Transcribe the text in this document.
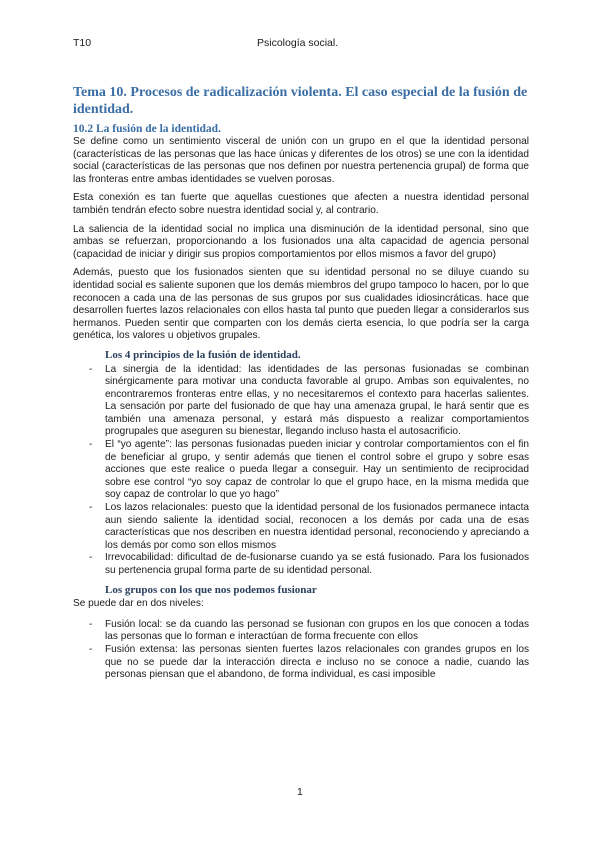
T10	Psicología social.
Tema 10. Procesos de radicalización violenta. El caso especial de la fusión de identidad.
10.2 La fusión de la identidad.

Se define como un sentimiento visceral de unión con un grupo en el que la identidad personal (características de las personas que las hace únicas y diferentes de los otros) se une con la identidad social (características de las personas que nos definen por nuestra pertenencia grupal) de forma que las fronteras entre ambas identidades se vuelven porosas.

Esta conexión es tan fuerte que aquellas cuestiones que afecten a nuestra identidad personal también tendrán efecto sobre nuestra identidad social y, al contrario.

La saliencia de la identidad social no implica una disminución de la identidad personal, sino que ambas se refuerzan, proporcionando a los fusionados una alta capacidad de agencia personal (capacidad de iniciar y dirigir sus propios comportamientos por ellos mismos a favor del grupo)

Además, puesto que los fusionados sienten que su identidad personal no se diluye cuando su identidad social es saliente suponen que los demás miembros del grupo tampoco lo hacen, por lo que reconocen a cada una de las personas de sus grupos por sus cualidades idiosincráticas. hace que desarrollen fuertes lazos relacionales con ellos hasta tal punto que pueden llegar a considerarlos sus hermanos. Pueden sentir que comparten con los demás cierta esencia, lo que podría ser la carga genética, los valores u objetivos grupales.

Los 4 principios de la fusión de identidad.
- La sinergia de la identidad: las identidades de las personas fusionadas se combinan sinérgicamente para motivar una conducta favorable al grupo. Ambas son equivalentes, no encontraremos fronteras entre ellas, y no necesitaremos el contexto para hacerlas salientes. La sensación por parte del fusionado de que hay una amenaza grupal, le hará sentir que es también una amenaza personal, y estará más dispuesto a realizar comportamientos progrupales que aseguren su bienestar, llegando incluso hasta el autosacrificio.
- El “yo agente”: las personas fusionadas pueden iniciar y controlar comportamientos con el fin de beneficiar al grupo, y sentir además que tienen el control sobre el grupo y sobre esas acciones que este realice o pueda llegar a conseguir. Hay un sentimiento de reciprocidad sobre ese control “yo soy capaz de controlar lo que el grupo hace, en la misma medida que soy capaz de controlar lo que yo hago”
- Los lazos relacionales: puesto que la identidad personal de los fusionados permanece intacta aun siendo saliente la identidad social, reconocen a los demás por cada una de esas características que nos describen en nuestra identidad personal, reconociendo y apreciando a los demás por como son ellos mismos
- Irrevocabilidad: dificultad de de-fusionarse cuando ya se está fusionado. Para los fusionados su pertenencia grupal forma parte de su identidad personal.
Los grupos con los que nos podemos fusionar

Se puede dar en dos niveles:

- Fusión local: se da cuando las personad se fusionan con grupos en los que conocen a todas las personas que lo forman e interactúan de forma frecuente con ellos
- Fusión extensa: las personas sienten fuertes lazos relacionales con grandes grupos en los que no se puede dar la interacción directa e incluso no se conoce a nadie, cuando las personas piensan que el abandono, de forma individual, es casi imposible
1
